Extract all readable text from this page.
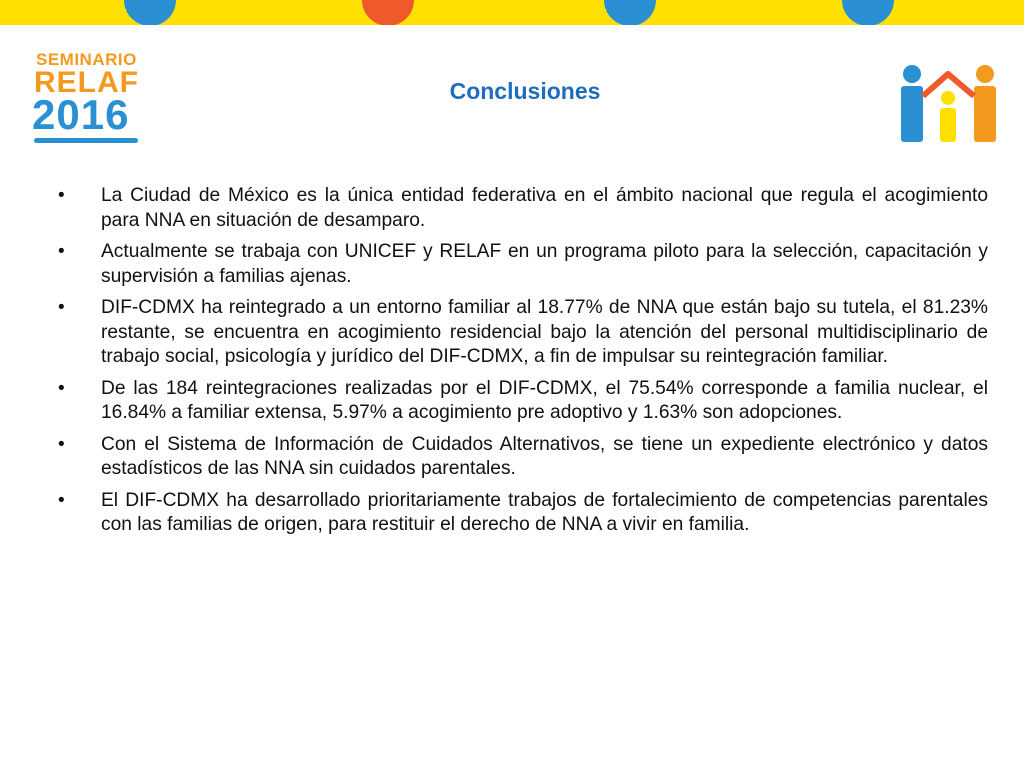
SEMINARIO
RELAF
2016	Conclusiones
• La Ciudad de México es la única entidad federativa en el ámbito nacional que regula el acogimiento para NNA en situación de desamparo.
• Actualmente se trabaja con UNICEF y RELAF en un programa piloto para la selección, capacitación y supervisión a familias ajenas.
• DIF-CDMX ha reintegrado a un entorno familiar al 18.77% de NNA que están bajo su tutela, el 81.23% restante, se encuentra en acogimiento residencial bajo la atención del personal multidisciplinario de trabajo social, psicología y jurídico del DIF-CDMX, a fin de impulsar su reintegración familiar.
• De las 184 reintegraciones realizadas por el DIF-CDMX, el 75.54% corresponde a familia nuclear, el 16.84% a familiar extensa, 5.97% a acogimiento pre adoptivo y 1.63% son adopciones.
• Con el Sistema de Información de Cuidados Alternativos, se tiene un expediente electrónico y datos estadísticos de las NNA sin cuidados parentales.
• El DIF-CDMX ha desarrollado prioritariamente trabajos de fortalecimiento de competencias parentales con las familias de origen, para restituir el derecho de NNA a vivir en familia.
